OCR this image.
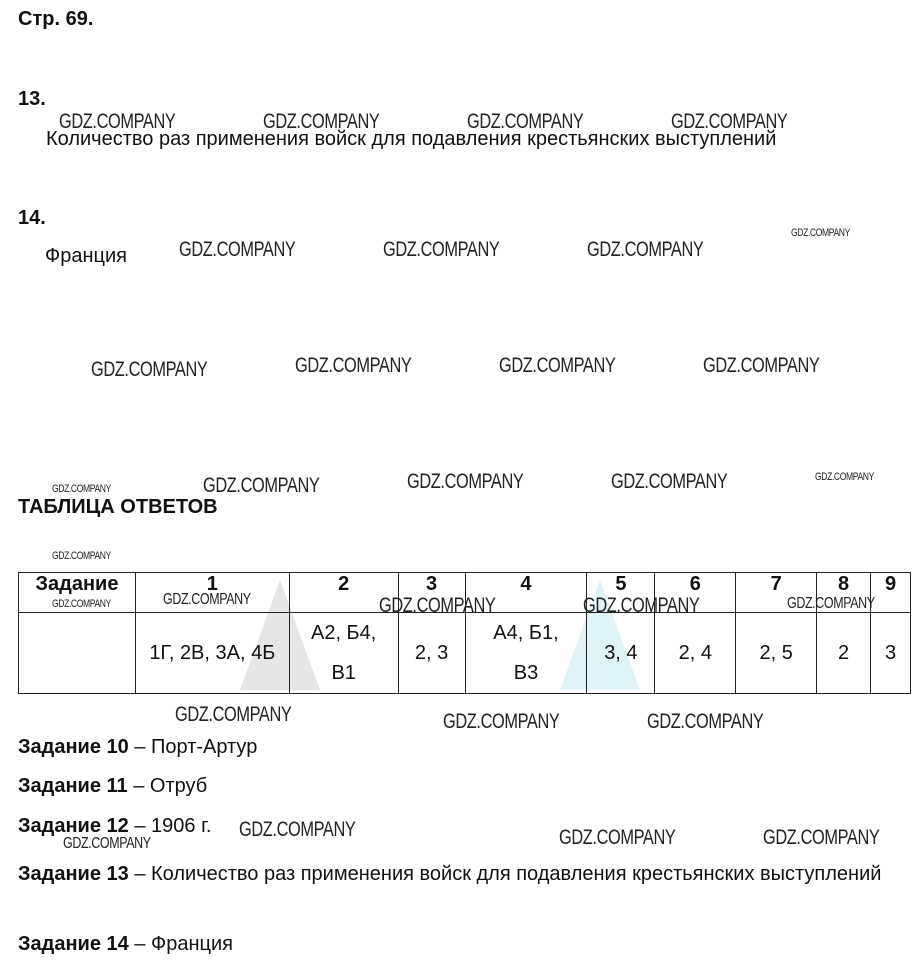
Стр. 69.
13.
Количество раз применения войск для подавления крестьянских выступлений
14.
Франция
ТАБЛИЦА ОТВЕТОВ
Задание	1	2	3	4	5	6	7	8	9
	1Г, 2В, 3А, 4Б	А2, Б4, В1	2, 3	А4, Б1, В3	3, 4	2, 4	2, 5	2	3
Задание 10 – Порт-Артур
Задание 11 – Отруб
Задание 12 – 1906 г.
Задание 13 – Количество раз применения войск для подавления крестьянских выступлений
Задание 14 – Франция
GDZ.COMPANY	GDZ.COMPANY	GDZ.COMPANY	GDZ.COMPANY
GDZ.COMPANY	GDZ.COMPANY	GDZ.COMPANY
GDZ.COMPANY
GDZ.COMPANY	GDZ.COMPANY	GDZ.COMPANY	GDZ.COMPANY
GDZ.COMPANY	GDZ.COMPANY	GDZ.COMPANY	GDZ.COMPANY	GDZ.COMPANY
GDZ.COMPANY
GDZ.COMPANY
GDZ.COMPANY	GDZ.COMPANY	GDZ.COMPANY	GDZ.COMPANY
GDZ.COMPANY	GDZ.COMPANY	GDZ.COMPANY
GDZ.COMPANY	GDZ.COMPANY	GDZ.COMPANY
GDZ.COMPANY
